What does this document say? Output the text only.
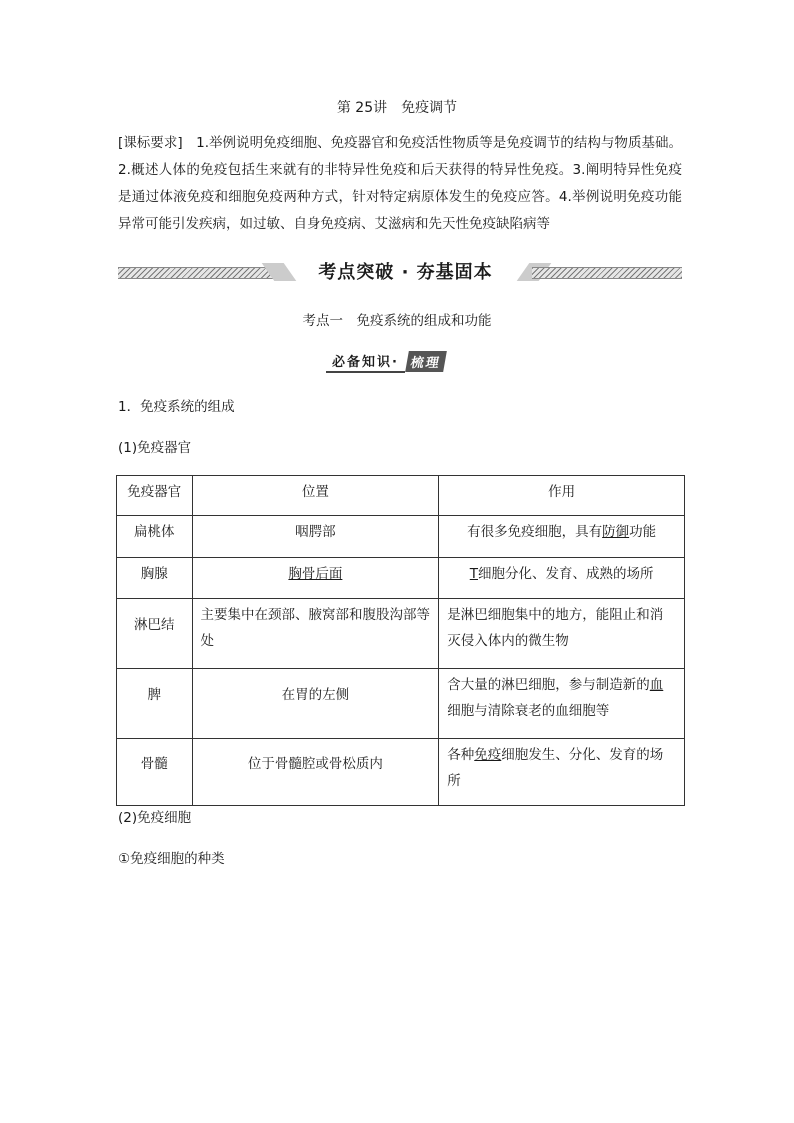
第 25讲　免疫调节
[课标要求]　1.举例说明免疫细胞、免疫器官和免疫活性物质等是免疫调节的结构与物质基础。2.概述人体的免疫包括生来就有的非特异性免疫和后天获得的特异性免疫。3.阐明特异性免疫是通过体液免疫和细胞免疫两种方式，针对特定病原体发生的免疫应答。4.举例说明免疫功能异常可能引发疾病，如过敏、自身免疫病、艾滋病和先天性免疫缺陷病等
考点突破 · 夯基固本
考点一　免疫系统的组成和功能
必备知识· 梳理
1．免疫系统的组成
(1)免疫器官
免疫器官	位置	作用

扁桃体	咽腭部	有很多免疫细胞，具有防御功能

胸腺	胸骨后面	T细胞分化、发育、成熟的场所

淋巴结	主要集中在颈部、腋窝部和腹股沟部等处	是淋巴细胞集中的地方，能阻止和消灭侵入体内的微生物

脾	在胃的左侧	含大量的淋巴细胞，参与制造新的血细胞与清除衰老的血细胞等

骨髓	位于骨髓腔或骨松质内	各种免疫细胞发生、分化、发育的场所
(2)免疫细胞
①免疫细胞的种类
